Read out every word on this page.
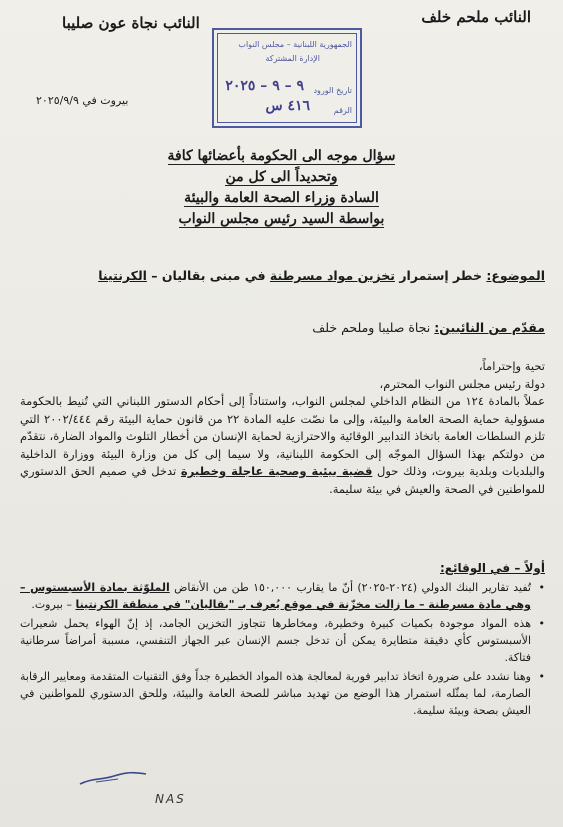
النائب ملحم خلف
النائب نجاة عون صليبا
الجمهورية اللبنانية – مجلس النواب
الإدارة المشتركة
تاريخ الورود
٩ – ٩ – ٢٠٢٥
الرقم
٤١٦ س
بيروت في ٢٠٢٥/٩/٩
سؤال موجه الى الحكومة بأعضائها كافة
وتحديداً الى كل من
السادة وزراء الصحة العامة والبيئة
بواسطة السيد رئيس مجلس النواب
الموضوع: خطر إستمرار تخزين مواد مسرطنة في مبنى بقاليان – الكرنتينا
مقدّم من النائبين: نجاة صليبا وملحم خلف
تحية وإحتراماً،
دولة رئيس مجلس النواب المحترم،
عملاً بالمادة ١٢٤ من النظام الداخلي لمجلس النواب، واستناداً إلى أحكام الدستور اللبناني التي تُنيط بالحكومة مسؤولية حماية الصحة العامة والبيئة، وإلى ما نصّت عليه المادة ٢٢ من قانون حماية البيئة رقم ٢٠٠٢/٤٤٤ التي تلزم السلطات العامة باتخاذ التدابير الوقائية والاحترازية لحماية الإنسان من أخطار التلوث والمواد الضارة، نتقدّم من دولتكم بهذا السؤال الموجّه إلى الحكومة اللبنانية، ولا سيما إلى كل من وزارة البيئة ووزارة الداخلية والبلديات وبلدية بيروت، وذلك حول قضية بيئية وصحية عاجلة وخطيرة تدخل في صميم الحق الدستوري للمواطنين في الصحة والعيش في بيئة سليمة.
أولاً – في الوقائع:
• تُفيد تقارير البنك الدولي (٢٠٢٤-٢٠٢٥) أنّ ما يقارب ١٥٠,٠٠٠ طن من الأنقاض الملوّثة بمادة الأسبستوس – وهي مادة مسرطنة – ما زالت مخزّنة في موقع يُعرف بـ "بقاليان" في منطقة الكرنتينا – بيروت.
• هذه المواد موجودة بكميات كبيرة وخطيرة، ومخاطرها تتجاوز التخزين الجامد، إذ إنّ الهواء يحمل شعيرات الأسبستوس كأي دقيقة متطايرة يمكن أن تدخل جسم الإنسان عبر الجهاز التنفسي، مسببة أمراضاً سرطانية فتاكة.
• وهنا نشدد على ضرورة اتخاذ تدابير فورية لمعالجة هذه المواد الخطيرة جداً وفق التقنيات المتقدمة ومعايير الرقابة الصارمة، لما يمثّله استمرار هذا الوضع من تهديد مباشر للصحة العامة والبيئة، وللحق الدستوري للمواطنين في العيش بصحة وبيئة سليمة.
NAS
